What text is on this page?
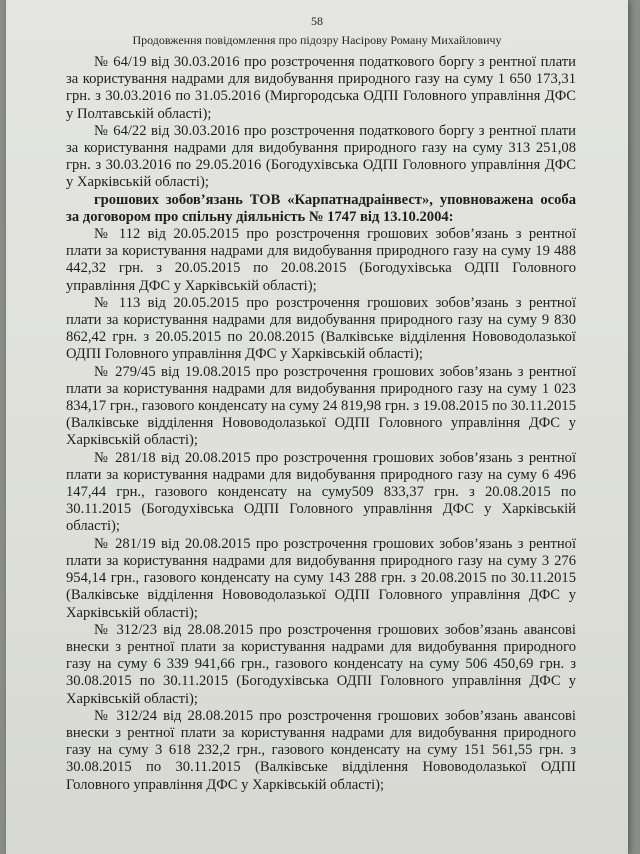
58
Продовження повідомлення про підозру Насірову Роману Михайловичу

№ 64/19 від 30.03.2016 про розстрочення податкового боргу з рентної плати за користування надрами для видобування природного газу на суму 1 650 173,31 грн. з 30.03.2016 по 31.05.2016 (Миргородська ОДПІ Головного управління ДФС у Полтавській області);

№ 64/22 від 30.03.2016 про розстрочення податкового боргу з рентної плати за користування надрами для видобування природного газу на суму 313 251,08 грн. з 30.03.2016 по 29.05.2016 (Богодухівська ОДПІ Головного управління ДФС у Харківській області);

грошових зобов’язань ТОВ «Карпатнадраінвест», уповноважена особа за договором про спільну діяльність № 1747 від 13.10.2004:

№ 112 від 20.05.2015 про розстрочення грошових зобов’язань з рентної плати за користування надрами для видобування природного газу на суму 19 488 442,32 грн. з 20.05.2015 по 20.08.2015 (Богодухівська ОДПІ Головного управління ДФС у Харківській області);

№ 113 від 20.05.2015 про розстрочення грошових зобов’язань з рентної плати за користування надрами для видобування природного газу на суму 9 830 862,42 грн. з 20.05.2015 по 20.08.2015 (Валківське відділення Нововодолазької ОДПІ Головного управління ДФС у Харківській області);

№ 279/45 від 19.08.2015 про розстрочення грошових зобов’язань з рентної плати за користування надрами для видобування природного газу на суму 1 023 834,17 грн., газового конденсату на суму 24 819,98 грн. з 19.08.2015 по 30.11.2015 (Валківське відділення Нововодолазької ОДПІ Головного управління ДФС у Харківській області);

№ 281/18 від 20.08.2015 про розстрочення грошових зобов’язань з рентної плати за користування надрами для видобування природного газу на суму 6 496 147,44 грн., газового конденсату на суму509 833,37 грн. з 20.08.2015 по 30.11.2015 (Богодухівська ОДПІ Головного управління ДФС у Харківській області);

№ 281/19 від 20.08.2015 про розстрочення грошових зобов’язань з рентної плати за користування надрами для видобування природного газу на суму 3 276 954,14 грн., газового конденсату на суму 143 288 грн. з 20.08.2015 по 30.11.2015 (Валківське відділення Нововодолазької ОДПІ Головного управління ДФС у Харківській області);

№ 312/23 від 28.08.2015 про розстрочення грошових зобов’язань авансові внески з рентної плати за користування надрами для видобування природного газу на суму 6 339 941,66 грн., газового конденсату на суму 506 450,69 грн. з 30.08.2015 по 30.11.2015 (Богодухівська ОДПІ Головного управління ДФС у Харківській області);

№ 312/24 від 28.08.2015 про розстрочення грошових зобов’язань авансові внески з рентної плати за користування надрами для видобування природного газу на суму 3 618 232,2 грн., газового конденсату на суму 151 561,55 грн. з 30.08.2015 по 30.11.2015 (Валківське відділення Нововодолазької ОДПІ Головного управління ДФС у Харківській області);
